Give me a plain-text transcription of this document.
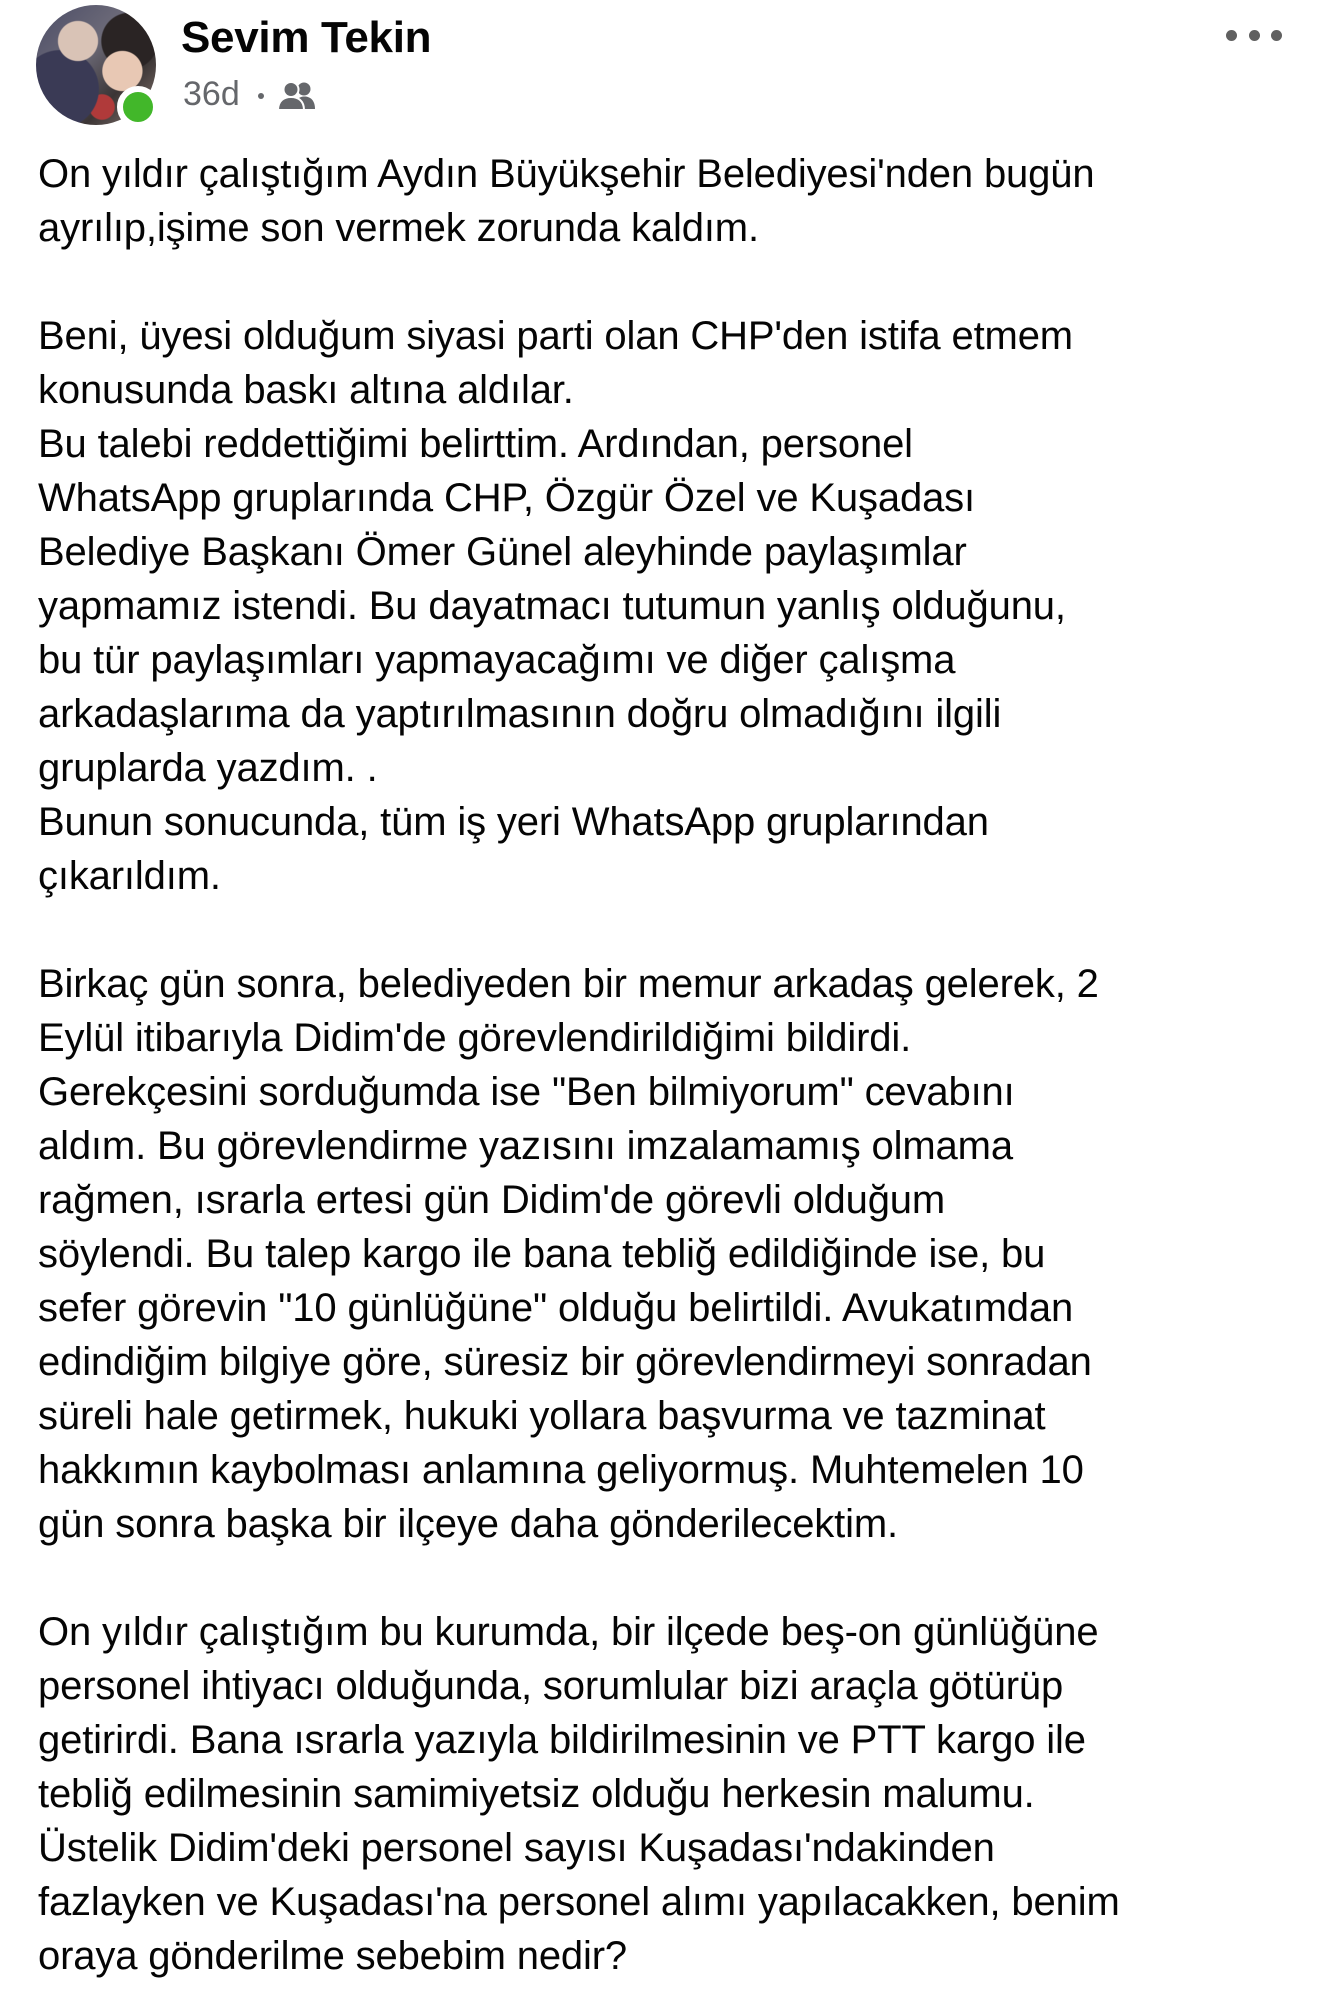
Sevim Tekin
36d
On yıldır çalıştığım Aydın Büyükşehir Belediyesi'nden bugün
ayrılıp,işime son vermek zorunda kaldım.
Beni, üyesi olduğum siyasi parti olan CHP'den istifa etmem
konusunda baskı altına aldılar.
Bu talebi reddettiğimi belirttim. Ardından, personel
WhatsApp gruplarında CHP, Özgür Özel ve Kuşadası
Belediye Başkanı Ömer Günel aleyhinde paylaşımlar
yapmamız istendi. Bu dayatmacı tutumun yanlış olduğunu,
bu tür paylaşımları yapmayacağımı ve diğer çalışma
arkadaşlarıma da yaptırılmasının doğru olmadığını ilgili
gruplarda yazdım. .
Bunun sonucunda, tüm iş yeri WhatsApp gruplarından
çıkarıldım.
Birkaç gün sonra, belediyeden bir memur arkadaş gelerek, 2
Eylül itibarıyla Didim'de görevlendirildiğimi bildirdi.
Gerekçesini sorduğumda ise "Ben bilmiyorum" cevabını
aldım. Bu görevlendirme yazısını imzalamamış olmama
rağmen, ısrarla ertesi gün Didim'de görevli olduğum
söylendi. Bu talep kargo ile bana tebliğ edildiğinde ise, bu
sefer görevin "10 günlüğüne" olduğu belirtildi. Avukatımdan
edindiğim bilgiye göre, süresiz bir görevlendirmeyi sonradan
süreli hale getirmek, hukuki yollara başvurma ve tazminat
hakkımın kaybolması anlamına geliyormuş. Muhtemelen 10
gün sonra başka bir ilçeye daha gönderilecektim.
On yıldır çalıştığım bu kurumda, bir ilçede beş-on günlüğüne
personel ihtiyacı olduğunda, sorumlular bizi araçla götürüp
getirirdi. Bana ısrarla yazıyla bildirilmesinin ve PTT kargo ile
tebliğ edilmesinin samimiyetsiz olduğu herkesin malumu.
Üstelik Didim'deki personel sayısı Kuşadası'ndakinden
fazlayken ve Kuşadası'na personel alımı yapılacakken, benim
oraya gönderilme sebebim nedir?
